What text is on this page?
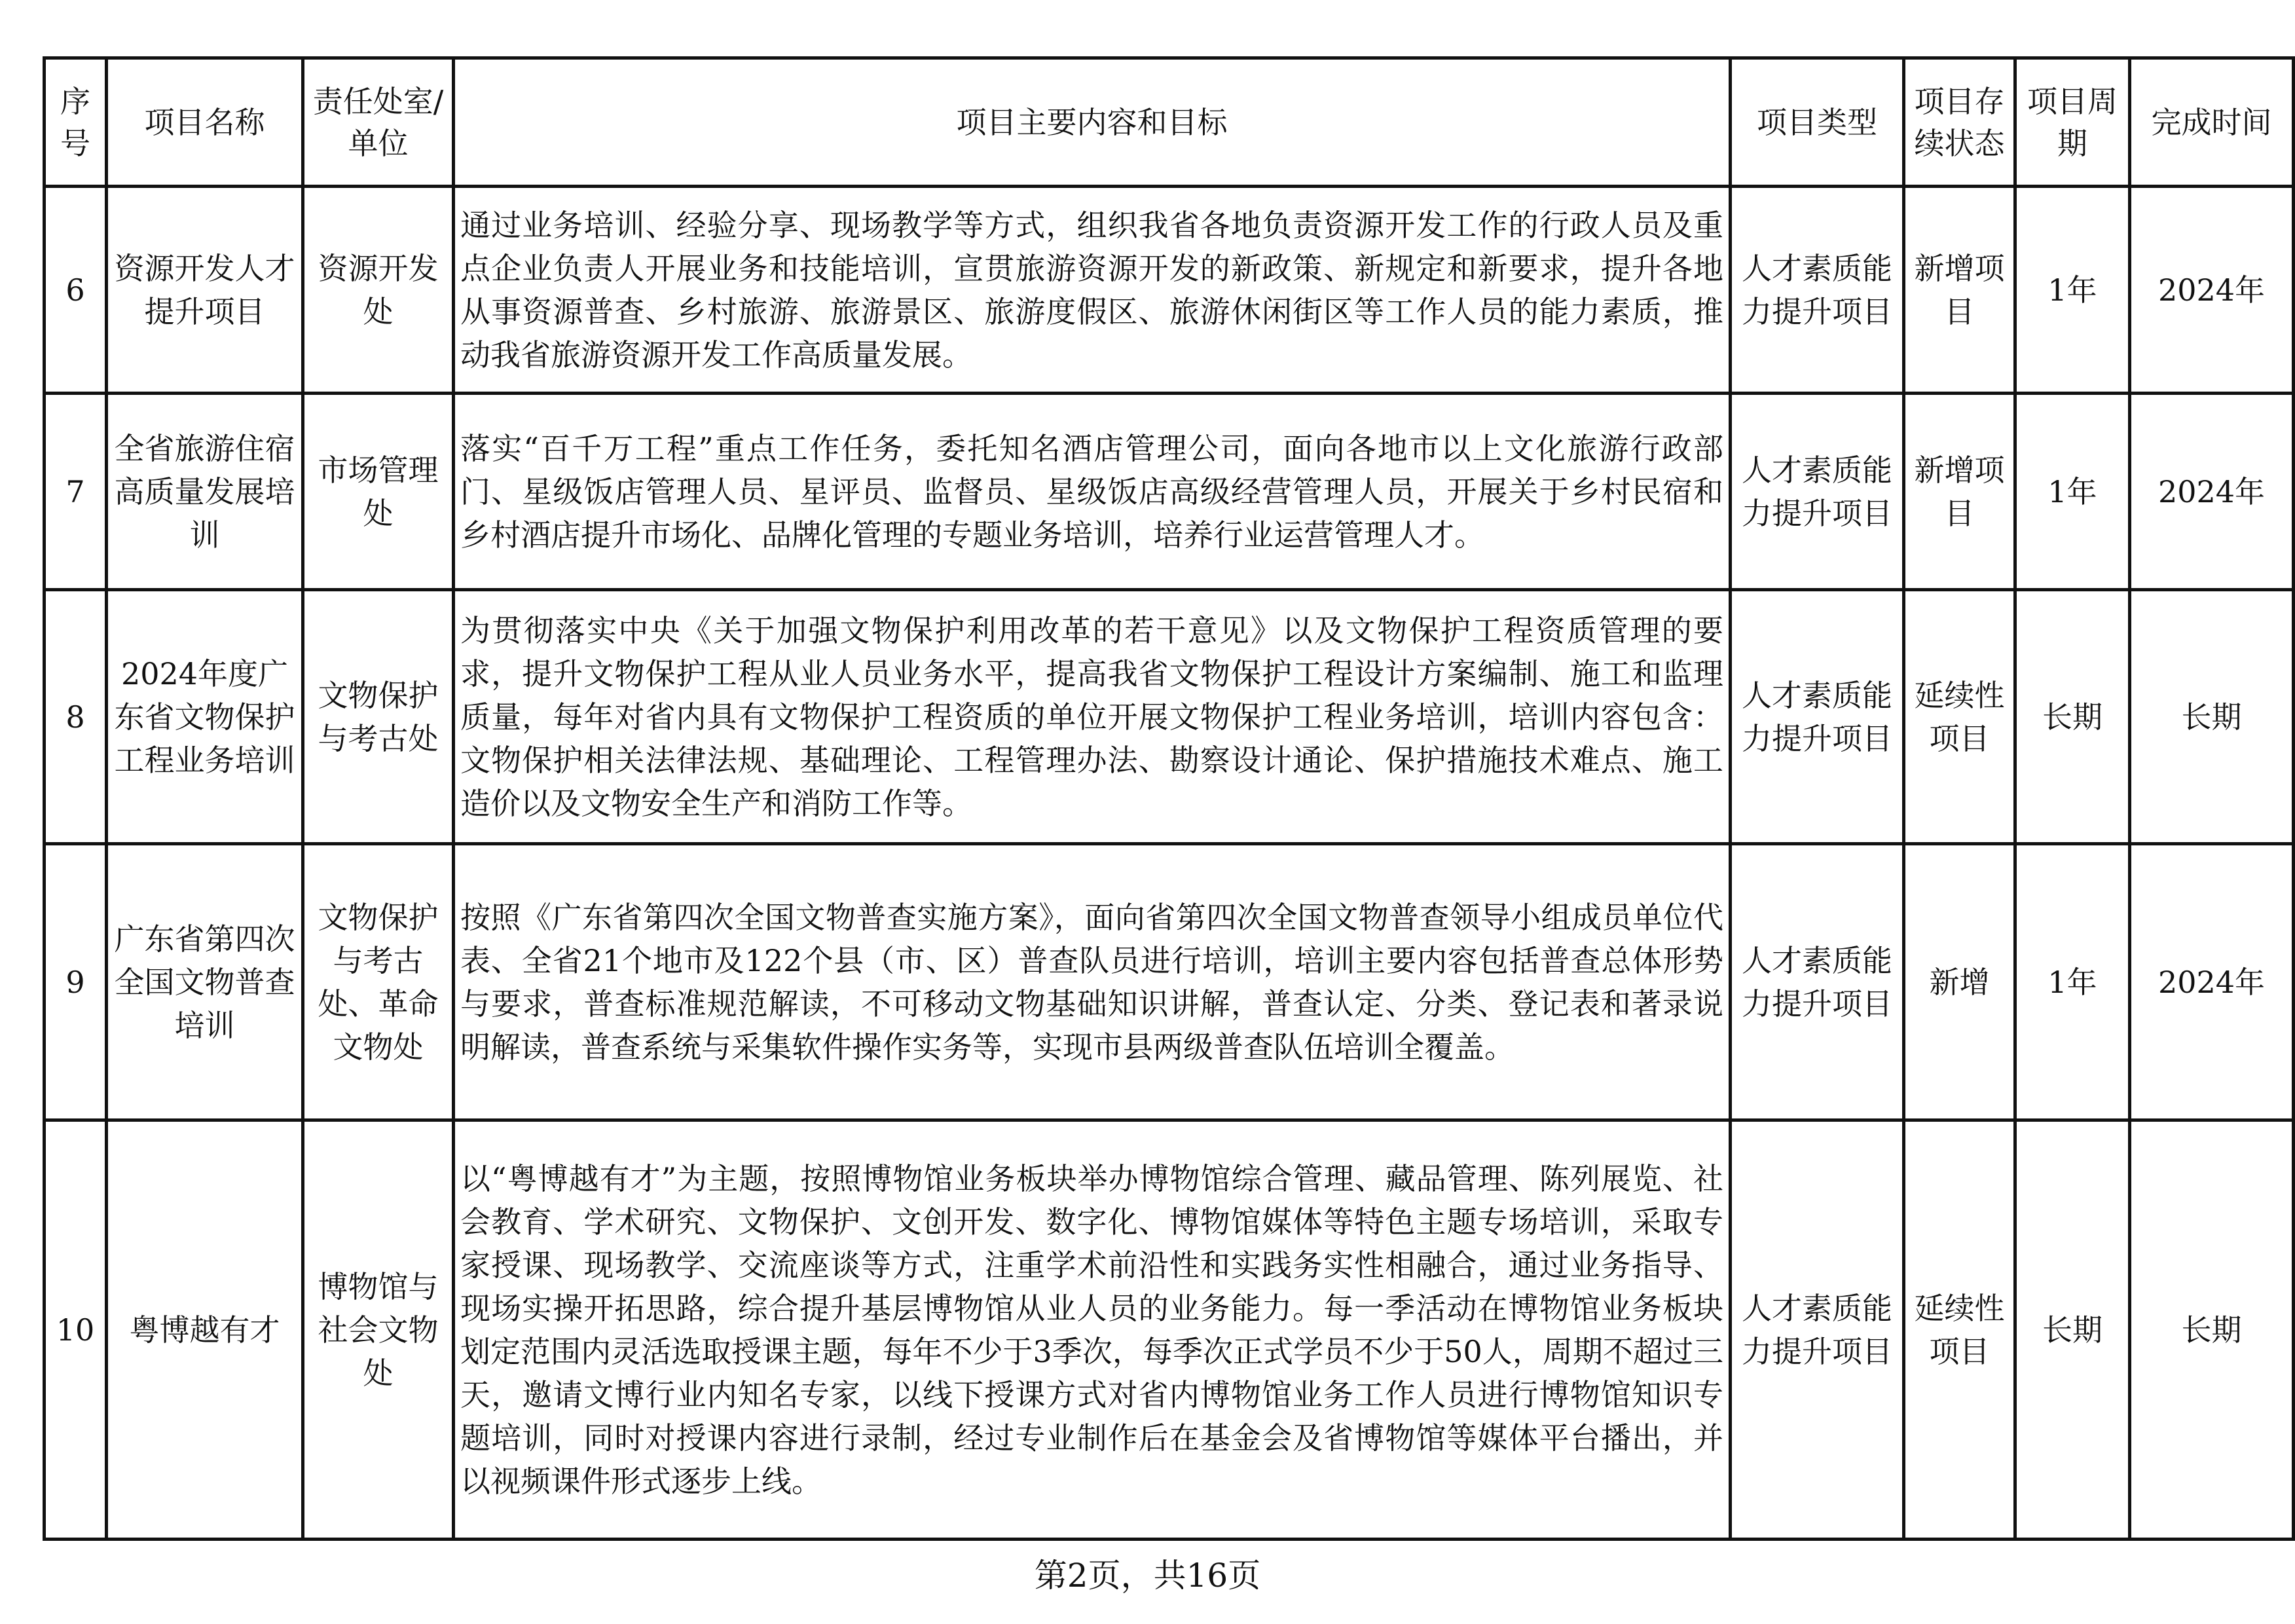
序号	项目名称	责任处室/单位	项目主要内容和目标	项目类型	项目存续状态	项目周期	完成时间
6	资源开发人才提升项目	资源开发处	通过业务培训、经验分享、现场教学等方式，组织我省各地负责资源开发工作的行政人员及重点企业负责人开展业务和技能培训，宣贯旅游资源开发的新政策、新规定和新要求，提升各地从事资源普查、乡村旅游、旅游景区、旅游度假区、旅游休闲街区等工作人员的能力素质，推动我省旅游资源开发工作高质量发展。	人才素质能力提升项目	新增项目	1年	2024年
7	全省旅游住宿高质量发展培训	市场管理处	落实“百千万工程”重点工作任务，委托知名酒店管理公司，面向各地市以上文化旅游行政部门、星级饭店管理人员、星评员、监督员、星级饭店高级经营管理人员，开展关于乡村民宿和乡村酒店提升市场化、品牌化管理的专题业务培训，培养行业运营管理人才。	人才素质能力提升项目	新增项目	1年	2024年
8	2024年度广东省文物保护工程业务培训	文物保护与考古处	为贯彻落实中央《关于加强文物保护利用改革的若干意见》以及文物保护工程资质管理的要求，提升文物保护工程从业人员业务水平，提高我省文物保护工程设计方案编制、施工和监理质量，每年对省内具有文物保护工程资质的单位开展文物保护工程业务培训，培训内容包含：文物保护相关法律法规、基础理论、工程管理办法、勘察设计通论、保护措施技术难点、施工造价以及文物安全生产和消防工作等。	人才素质能力提升项目	延续性项目	长期	长期
9	广东省第四次全国文物普查培训	文物保护与考古处、革命文物处	按照《广东省第四次全国文物普查实施方案》，面向省第四次全国文物普查领导小组成员单位代表、全省21个地市及122个县（市、区）普查队员进行培训，培训主要内容包括普查总体形势与要求，普查标准规范解读，不可移动文物基础知识讲解，普查认定、分类、登记表和著录说明解读，普查系统与采集软件操作实务等，实现市县两级普查队伍培训全覆盖。	人才素质能力提升项目	新增	1年	2024年
10	粤博越有才	博物馆与社会文物处	以“粤博越有才”为主题，按照博物馆业务板块举办博物馆综合管理、藏品管理、陈列展览、社会教育、学术研究、文物保护、文创开发、数字化、博物馆媒体等特色主题专场培训，采取专家授课、现场教学、交流座谈等方式，注重学术前沿性和实践务实性相融合，通过业务指导、现场实操开拓思路，综合提升基层博物馆从业人员的业务能力。每一季活动在博物馆业务板块划定范围内灵活选取授课主题，每年不少于3季次，每季次正式学员不少于50人，周期不超过三天，邀请文博行业内知名专家，以线下授课方式对省内博物馆业务工作人员进行博物馆知识专题培训，同时对授课内容进行录制，经过专业制作后在基金会及省博物馆等媒体平台播出，并以视频课件形式逐步上线。	人才素质能力提升项目	延续性项目	长期	长期
第2页，共16页
